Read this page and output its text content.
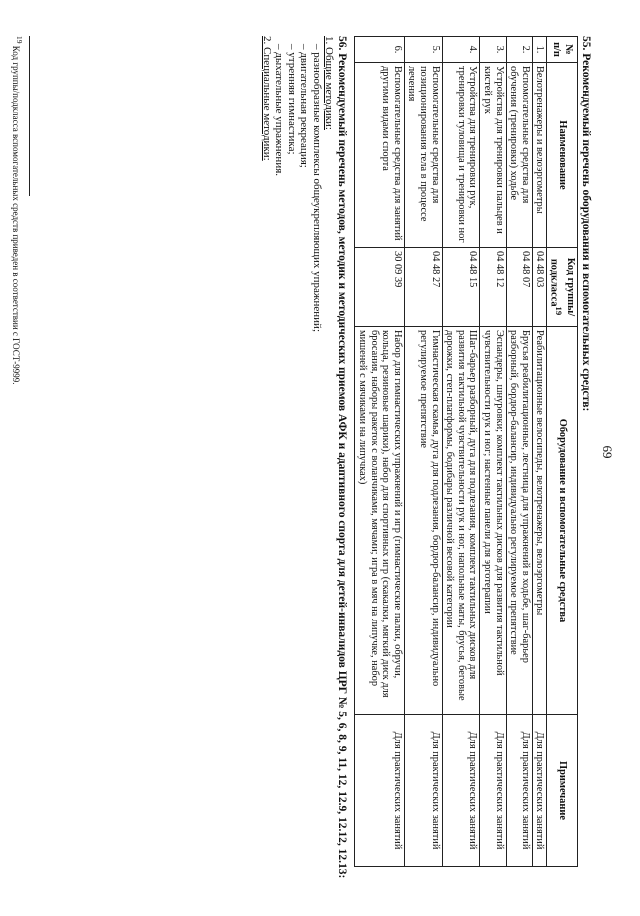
69
55. Рекомендуемый перечень оборудования и вспомогательных средств:
№ п/п	Наименование	Код группы/ подкласса$^{19}$	Оборудование и вспомогательные средства	Примечание
1.	Велотренажеры и велоэргометры	04 48 03	Реабилитационные велосипеды, велотренажеры, велоэргометры	Для практических занятий
2.	Вспомогательные средства для обучения (тренировки) ходьбе	04 48 07	Брусья реабилитационные, лестница для упражнений в ходьбе, шаг-барьер разборный, бордюр-балансир, индивидуально регулируемое препятствие	Для практических занятий
3.	Устройства для тренировки пальцев и кистей рук	04 48 12	Эспандеры, шнуровки; комплект тактильных дисков для развития тактильной чувствительности рук и ног; настенные панели для эрготерапии	Для практических занятий
4.	Устройства для тренировки рук, тренировки туловища и тренировки ног	04 48 15	Шаг-барьер разборный, дуга для подлезания, комплект тактильных дисков для развития тактильной чувствительности рук и ног, напольные маты, брусья, беговые дорожки, степ-платформы, бодибары различной весовой категории	Для практических занятий
5.	Вспомогательные средства для позиционирования тела в процессе лечения	04 48 27	Гимнастическая скамья, дуга для подлезания, бордюр-балансир, индивидуально регулируемое препятствие	Для практических занятий
6.	Вспомогательные средства для занятий другими видами спорта	30 09 39	Набор для гимнастических упражнений и игр (гимнастические палки, обручи, кольца, резиновые шарики), набор для спортивных игр (скакалки, мягкий диск для бросания, наборы ракеток с воланчиками, мячами; игра в мяч на липучке, набор мишеней с мячиками на липучках)	Для практических занятий
56. Рекомендуемый перечень методов, методик и методических приемов АФК и адаптивного спорта для детей-инвалидов ЦРГ № 5, 6, 8, 9, 11, 12, 12.9, 12.12, 12.13:
1. Общие методики:
– разнообразные комплексы общеукрепляющих упражнений;
– двигательная рекреация;
– утренняя гимнастика;
– дыхательные упражнения.
2. Специальные методики:
$^{19}$ Код группы/подкласса вспомогательных средств приведен в соответствии с ГОСТ-9999.
